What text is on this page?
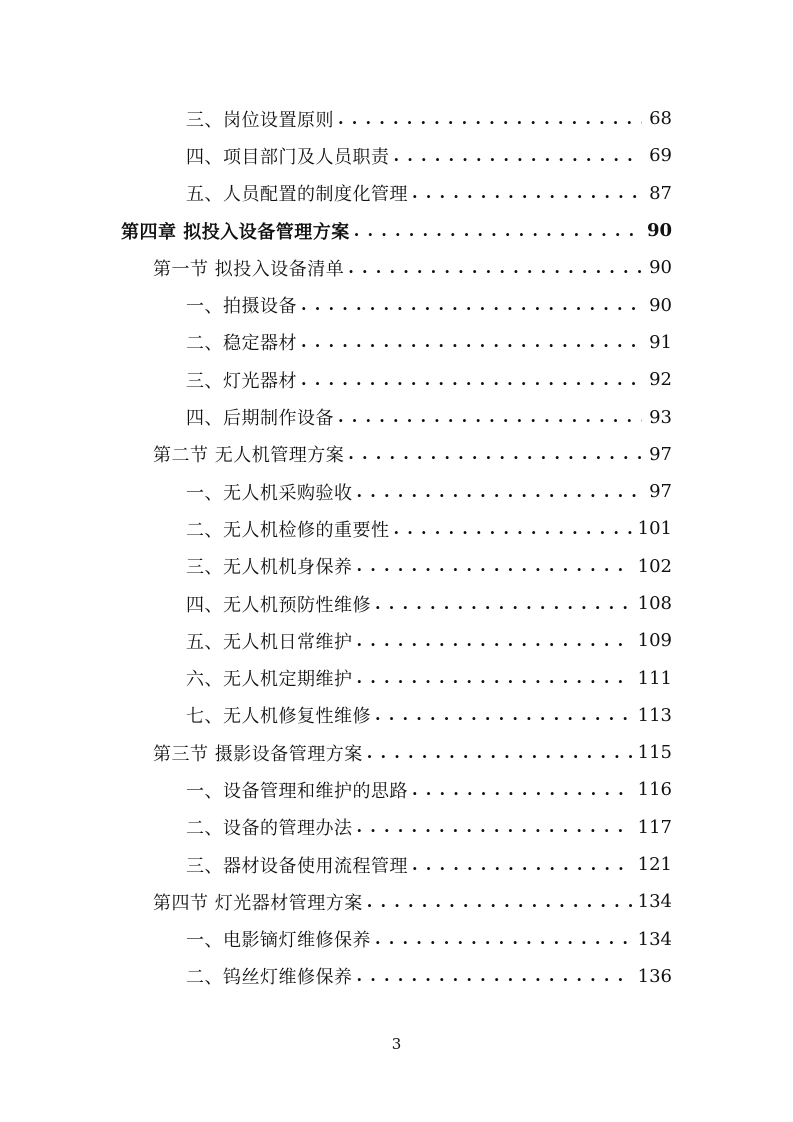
三、岗位设置原则 . . .	68
四、项目部门及人员职责 . . .	69
五、人员配置的制度化管理 . . .	87
第四章 拟投入设备管理方案 . . .	90
第一节 拟投入设备清单 . . .	90
一、拍摄设备 . . .	90
二、稳定器材 . . .	91
三、灯光器材 . . .	92
四、后期制作设备 . . .	93
第二节 无人机管理方案 . . .	97
一、无人机采购验收 . . .	97
二、无人机检修的重要性 . . .	101
三、无人机机身保养 . . .	102
四、无人机预防性维修 . . .	108
五、无人机日常维护 . . .	109
六、无人机定期维护 . . .	111
七、无人机修复性维修 . . .	113
第三节 摄影设备管理方案 . . .	115
一、设备管理和维护的思路 . . .	116
二、设备的管理办法 . . .	117
三、器材设备使用流程管理 . . .	121
第四节 灯光器材管理方案 . . .	134
一、电影镝灯维修保养 . . .	134
二、钨丝灯维修保养 . . .	136
3
